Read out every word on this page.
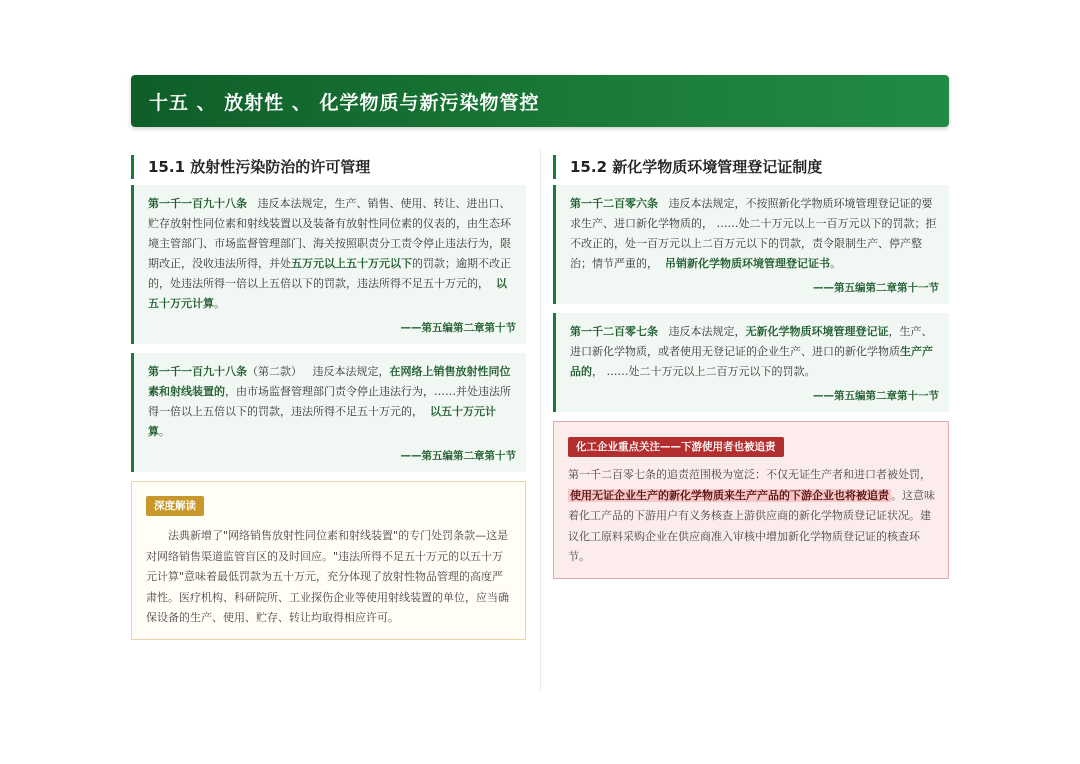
十五 、 放射性 、 化学物质与新污染物管控
15.1 放射性污染防治的许可管理

第一千一百九十八条 违反本法规定，生产、销售、使用、转让、进出口、贮存放射性同位素和射线装置以及装备有放射性同位素的仪表的，由生态环境主管部门、市场监督管理部门、海关按照职责分工责令停止违法行为，限期改正，没收违法所得，并处五万元以上五十万元以下的罚款；逾期不改正的，处违法所得一倍以上五倍以下的罚款，违法所得不足五十万元的， 以五十万元计算。

——第五编第二章第十节

第一千一百九十八条（第二款） 违反本法规定，在网络上销售放射性同位素和射线装置的，由市场监督管理部门责令停止违法行为，……并处违法所得一倍以上五倍以下的罚款，违法所得不足五十万元的， 以五十万元计算。

——第五编第二章第十节
深度解读

法典新增了"网络销售放射性同位素和射线装置"的专门处罚条款—这是对网络销售渠道监管盲区的及时回应。"违法所得不足五十万元的以五十万元计算"意味着最低罚款为五十万元，充分体现了放射性物品管理的高度严肃性。医疗机构、科研院所、工业探伤企业等使用射线装置的单位，应当确保设备的生产、使用、贮存、转让均取得相应许可。

15.2 新化学物质环境管理登记证制度

第一千二百零六条 违反本法规定，不按照新化学物质环境管理登记证的要求生产、进口新化学物质的， ……处二十万元以上一百万元以下的罚款；拒不改正的，处一百万元以上二百万元以下的罚款，责令限制生产、停产整治；情节严重的， 吊销新化学物质环境管理登记证书。

——第五编第二章第十一节

第一千二百零七条 违反本法规定，无新化学物质环境管理登记证，生产、进口新化学物质，或者使用无登记证的企业生产、进口的新化学物质生产产品的， ……处二十万元以上二百万元以下的罚款。

——第五编第二章第十一节
化工企业重点关注——下游使用者也被追责

第一千二百零七条的追责范围极为宽泛：不仅无证生产者和进口者被处罚，
使用无证企业生产的新化学物质来生产产品的下游企业也将被追责 。这意味着化工产品的下游用户有义务核查上游供应商的新化学物质登记证状况。建议化工原料采购企业在供应商准入审核中增加新化学物质登记证的核查环节。
